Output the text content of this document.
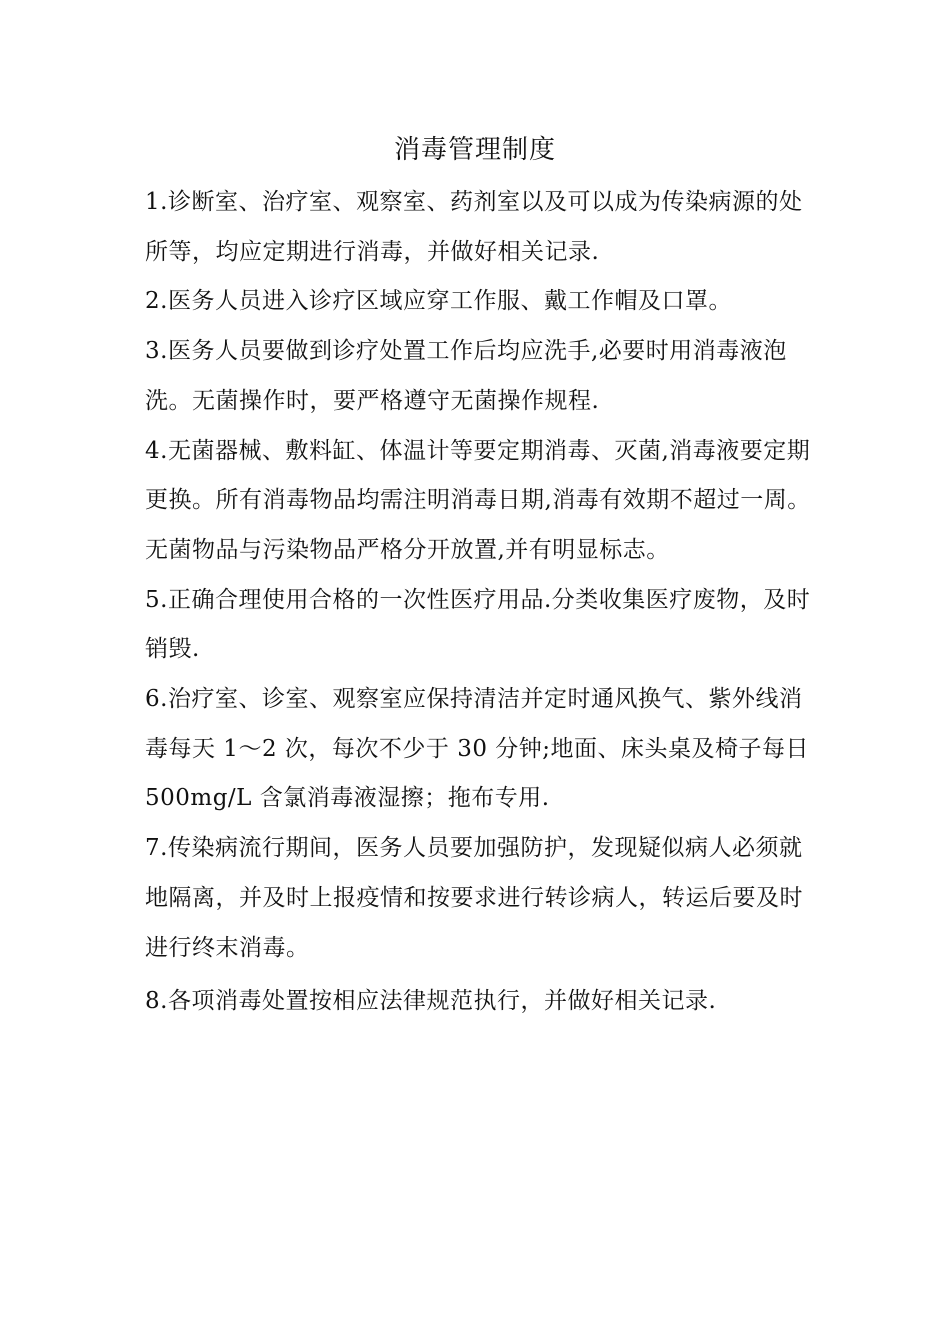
消毒管理制度

1.诊断室、治疗室、观察室、药剂室以及可以成为传染病源的处所等，均应定期进行消毒，并做好相关记录.

2.医务人员进入诊疗区域应穿工作服、戴工作帽及口罩。

3.医务人员要做到诊疗处置工作后均应洗手,必要时用消毒液泡洗。无菌操作时，要严格遵守无菌操作规程.

4.无菌器械、敷料缸、体温计等要定期消毒、灭菌,消毒液要定期更换。所有消毒物品均需注明消毒日期,消毒有效期不超过一周。无菌物品与污染物品严格分开放置,并有明显标志。

5.正确合理使用合格的一次性医疗用品.分类收集医疗废物，及时销毁.

6.治疗室、诊室、观察室应保持清洁并定时通风换气、紫外线消毒每天 1～2 次，每次不少于 30 分钟;地面、床头桌及椅子每日 500mg/L 含氯消毒液湿擦；拖布专用.

7.传染病流行期间，医务人员要加强防护，发现疑似病人必须就地隔离，并及时上报疫情和按要求进行转诊病人，转运后要及时进行终末消毒。

8.各项消毒处置按相应法律规范执行，并做好相关记录.
